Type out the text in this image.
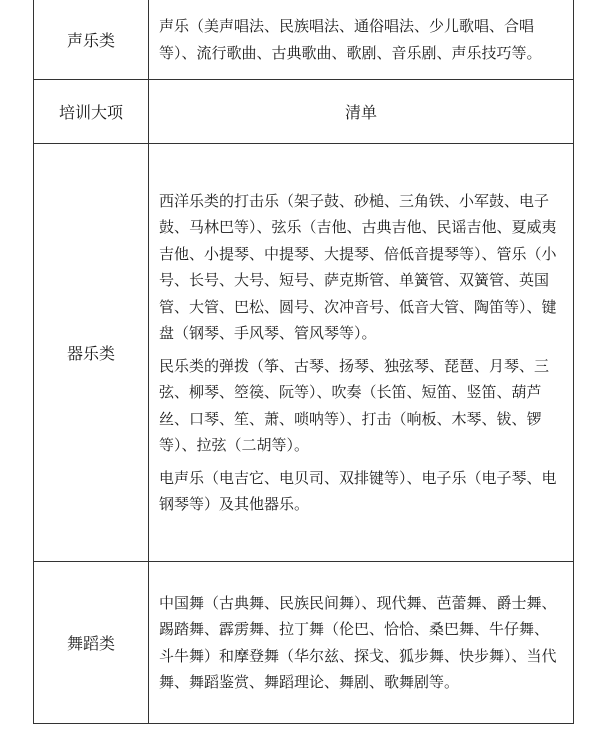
声乐类	声乐（美声唱法、民族唱法、通俗唱法、少儿歌唱、合唱等）、流行歌曲、古典歌曲、歌剧、音乐剧、声乐技巧等。

培训大项	清单

器乐类	西洋乐类的打击乐（架子鼓、砂槌、三角铁、小军鼓、电子鼓、马林巴等）、弦乐（吉他、古典吉他、民谣吉他、夏威夷吉他、小提琴、中提琴、大提琴、倍低音提琴等）、管乐（小号、长号、大号、短号、萨克斯管、单簧管、双簧管、英国管、大管、巴松、圆号、次冲音号、低音大管、陶笛等）、键盘（钢琴、手风琴、管风琴等）。

民乐类的弹拨（筝、古琴、扬琴、独弦琴、琵琶、月琴、三弦、柳琴、箜篌、阮等）、吹奏（长笛、短笛、竖笛、葫芦丝、口琴、笙、萧、唢呐等）、打击（响板、木琴、钹、锣等）、拉弦（二胡等）。

电声乐（电吉它、电贝司、双排键等）、电子乐（电子琴、电钢琴等）及其他器乐。

舞蹈类	中国舞（古典舞、民族民间舞）、现代舞、芭蕾舞、爵士舞、踢踏舞、霹雳舞、拉丁舞（伦巴、恰恰、桑巴舞、牛仔舞、斗牛舞）和摩登舞（华尔兹、探戈、狐步舞、快步舞）、当代舞、舞蹈鉴赏、舞蹈理论、舞剧、歌舞剧等。
